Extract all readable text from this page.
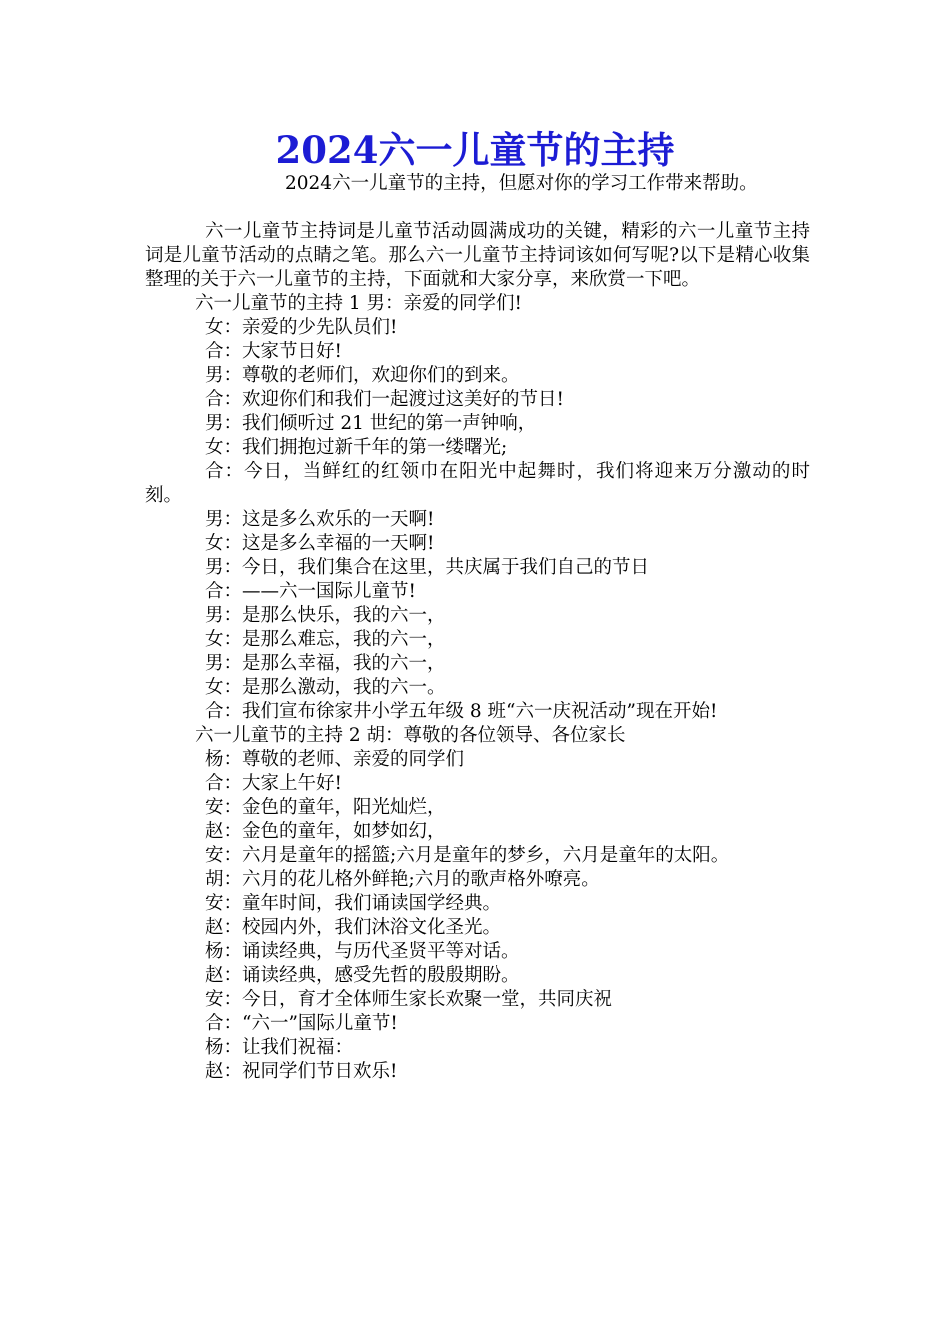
2024六一儿童节的主持

2024六一儿童节的主持，但愿对你的学习工作带来帮助。

六一儿童节主持词是儿童节活动圆满成功的关键，精彩的六一儿童节主持词是儿童节活动的点睛之笔。那么六一儿童节主持词该如何写呢?以下是精心收集整理的关于六一儿童节的主持，下面就和大家分享，来欣赏一下吧。

六一儿童节的主持 1 男：亲爱的同学们!

女：亲爱的少先队员们!

合：大家节日好!

男：尊敬的老师们，欢迎你们的到来。

合：欢迎你们和我们一起渡过这美好的节日!

男：我们倾听过 21 世纪的第一声钟响，

女：我们拥抱过新千年的第一缕曙光;

合：今日，当鲜红的红领巾在阳光中起舞时，我们将迎来万分激动的时刻。

男：这是多么欢乐的一天啊!

女：这是多么幸福的一天啊!

男：今日，我们集合在这里，共庆属于我们自己的节日

合：——六一国际儿童节!

男：是那么快乐，我的六一，

女：是那么难忘，我的六一，

男：是那么幸福，我的六一，

女：是那么激动，我的六一。

合：我们宣布徐家井小学五年级 8 班“六一庆祝活动”现在开始!

六一儿童节的主持 2 胡：尊敬的各位领导、各位家长

杨：尊敬的老师、亲爱的同学们

合：大家上午好!

安：金色的童年，阳光灿烂，

赵：金色的童年，如梦如幻，

安：六月是童年的摇篮;六月是童年的梦乡，六月是童年的太阳。

胡：六月的花儿格外鲜艳;六月的歌声格外嘹亮。

安：童年时间，我们诵读国学经典。

赵：校园内外，我们沐浴文化圣光。

杨：诵读经典，与历代圣贤平等对话。

赵：诵读经典，感受先哲的殷殷期盼。

安：今日，育才全体师生家长欢聚一堂，共同庆祝

合：“六一”国际儿童节!

杨：让我们祝福：

赵：祝同学们节日欢乐!
